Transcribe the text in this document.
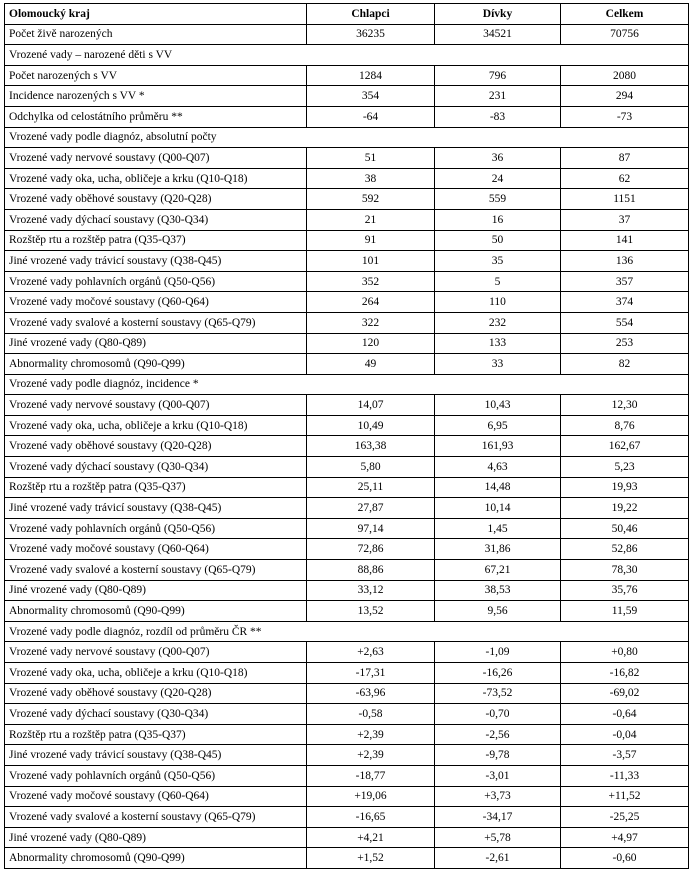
Olomoucký kraj	Chlapci	Dívky	Celkem
Počet živě narozených	36235	34521	70756
Vrozené vady – narozené děti s VV			
Počet narozených s VV	1284	796	2080
Incidence narozených s VV *	354	231	294
Odchylka od celostátního průměru **	-64	-83	-73
Vrozené vady podle diagnóz, absolutní počty			
Vrozené vady nervové soustavy (Q00-Q07)	51	36	87
Vrozené vady oka, ucha, obličeje a krku (Q10-Q18)	38	24	62
Vrozené vady oběhové soustavy (Q20-Q28)	592	559	1151
Vrozené vady dýchací soustavy (Q30-Q34)	21	16	37
Rozštěp rtu a rozštěp patra (Q35-Q37)	91	50	141
Jiné vrozené vady trávicí soustavy (Q38-Q45)	101	35	136
Vrozené vady pohlavních orgánů (Q50-Q56)	352	5	357
Vrozené vady močové soustavy (Q60-Q64)	264	110	374
Vrozené vady svalové a kosterní soustavy (Q65-Q79)	322	232	554
Jiné vrozené vady (Q80-Q89)	120	133	253
Abnormality chromosomů (Q90-Q99)	49	33	82
Vrozené vady podle diagnóz, incidence *			
Vrozené vady nervové soustavy (Q00-Q07)	14,07	10,43	12,30
Vrozené vady oka, ucha, obličeje a krku (Q10-Q18)	10,49	6,95	8,76
Vrozené vady oběhové soustavy (Q20-Q28)	163,38	161,93	162,67
Vrozené vady dýchací soustavy (Q30-Q34)	5,80	4,63	5,23
Rozštěp rtu a rozštěp patra (Q35-Q37)	25,11	14,48	19,93
Jiné vrozené vady trávicí soustavy (Q38-Q45)	27,87	10,14	19,22
Vrozené vady pohlavních orgánů (Q50-Q56)	97,14	1,45	50,46
Vrozené vady močové soustavy (Q60-Q64)	72,86	31,86	52,86
Vrozené vady svalové a kosterní soustavy (Q65-Q79)	88,86	67,21	78,30
Jiné vrozené vady (Q80-Q89)	33,12	38,53	35,76
Abnormality chromosomů (Q90-Q99)	13,52	9,56	11,59
Vrozené vady podle diagnóz, rozdíl od průměru ČR **			
Vrozené vady nervové soustavy (Q00-Q07)	+2,63	-1,09	+0,80
Vrozené vady oka, ucha, obličeje a krku (Q10-Q18)	-17,31	-16,26	-16,82
Vrozené vady oběhové soustavy (Q20-Q28)	-63,96	-73,52	-69,02
Vrozené vady dýchací soustavy (Q30-Q34)	-0,58	-0,70	-0,64
Rozštěp rtu a rozštěp patra (Q35-Q37)	+2,39	-2,56	-0,04
Jiné vrozené vady trávicí soustavy (Q38-Q45)	+2,39	-9,78	-3,57
Vrozené vady pohlavních orgánů (Q50-Q56)	-18,77	-3,01	-11,33
Vrozené vady močové soustavy (Q60-Q64)	+19,06	+3,73	+11,52
Vrozené vady svalové a kosterní soustavy (Q65-Q79)	-16,65	-34,17	-25,25
Jiné vrozené vady (Q80-Q89)	+4,21	+5,78	+4,97
Abnormality chromosomů (Q90-Q99)	+1,52	-2,61	-0,60
